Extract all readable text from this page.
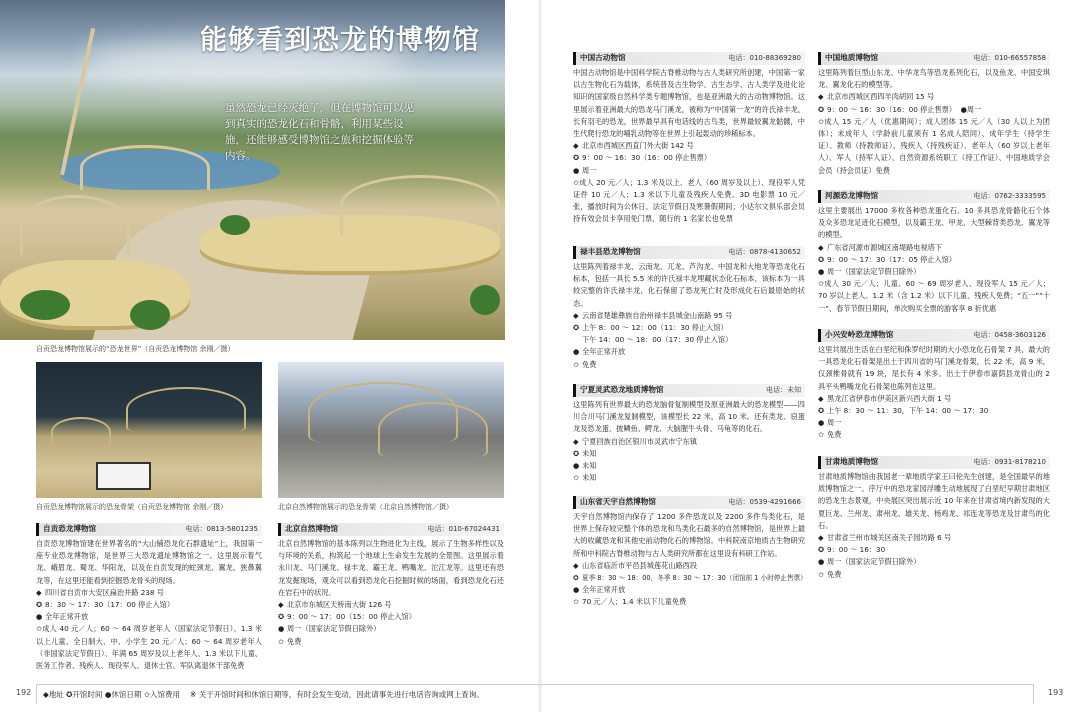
能够看到恐龙的博物馆
虽然恐龙已经灭绝了，但在博物馆可以见到真实的恐龙化石和骨骼，利用某些设施，还能够感受博物馆之旅和挖掘体验等内容。
自贡恐龙博物馆展示的“恐龙世界”（自贡恐龙博物馆 余刚／摄）
自贡恐龙博物馆展示的恐龙骨架（自贡恐龙博物馆 余刚／摄）	北京自然博物馆展示的恐龙骨架（北京自然博物馆／摄）
自贡恐龙博物馆	电话：0813-5801235
自贡恐龙博物馆建在世界著名的“大山铺恐龙化石群遗址”上，我国第一座专业恐龙博物馆，是世界三大恐龙遗址博物馆之一。这里展示着气龙、峨眉龙、蜀龙、华阳龙，以及在自贡发现的蛇颈龙、翼龙、狭鼻翼龙等，在这里还能看到挖掘恐龙骨头的现场。
◆ 四川省自贡市大安区扁治井路 238 号
✪ 8：30 ～ 17：30（17：00 停止入馆）
● 全年正常开放
✩成人 40 元／人；60 ～ 64 周岁老年人（国家法定节假日）、1.3 米以上儿童、全日制大、中、小学生 20 元／人；60 ～ 64 周岁老年人（非国家法定节假日）、年满 65 周岁及以上老年人、1.3 米以下儿童、医务工作者、残疾人、现役军人、退休士官、军队离退休干部免费
北京自然博物馆	电话：010-67024431
北京自然博物馆的基本陈列以生物进化为主线，展示了生物多样性以及与环境的关系，构筑起一个地球上生命发生发展的全景图。这里展示着永川龙、马门溪龙、禄丰龙、霸王龙、鸭嘴龙、沱江龙等。这里还有恐龙发掘现场，观众可以看到恐龙化石挖掘时候的场面，看到恐龙化石还在岩石中的状况。
◆ 北京市东城区天桥南大街 126 号
✪ 9：00 ～ 17：00（15：00 停止入馆）
● 周一（国家法定节假日除外）
✩ 免费
192 ◆地址 ✪开馆时间 ●休馆日期 ✩入馆费用 ※ 关于开馆时间和休馆日期等，有时会发生变动，因此请事先进行电话咨询或网上查询。
中国古动物馆	电话：010-88369280
中国古动物馆是中国科学院古脊椎动物与古人类研究所创建，中国第一家以古生物化石为载体，系统普及古生物学、古生态学、古人类学及进化论知识的国家级自然科学类专题博物馆，也是亚洲最大的古动物博物馆。这里展示着亚洲最大的恐龙马门溪龙，被称为“中国第一龙”的许氏禄丰龙，长有羽毛的恐龙，世界最早具有电话线的古鸟类，世界最较翼龙骷髅，中生代爬行恐龙的哺乳动物等在世界上引起轰动的珍稀标本。
◆ 北京市西城区西直门外大街 142 号
✪ 9：00 ～ 16：30（16：00 停止售票）
● 周一
✩成人 20 元／人；1.3 米及以上、老人（60 周岁及以上）、现役军人凭证件 10 元／人；1.3 米以下儿童及残疾人免费。3D 电影票 10 元／张，播放时间为公休日、法定节假日及寒暑假期间；小达尔文俱乐部会员持有效会员卡享用免门票，随行的 1 名家长也免票
禄丰县恐龙博物馆	电话：0878-4130652
这里陈列着禄丰龙、云南龙、兀龙、芦沟龙、中国龙和大地龙等恐龙化石标本，包括一具长 5.5 米的许氏禄丰龙埋藏状态化石标本，该标本为一具较完整的许氏禄丰龙，化石保留了恐龙死亡时及形成化石后最原始的状态。
◆ 云南省楚雄彝族自治州禄丰县城金山南路 95 号
✪ 上午 8：00 ～ 12：00（11：30 停止入馆）
下午 14：00 ～ 18：00（17：30 停止入馆）
● 全年正常开放
✩ 免费
宁夏灵武恐龙地质博物馆	电话：未知
这里陈列有世界最大的恐龙脑骨复制模型及原亚洲最大的恐龙模型——四川合川马门溪龙复制模型，该模型长 22 米，高 10 米。还有类龙、窃蛋龙及恐龙蛋、披鳞鱼、鳄龙、大脑腥牛头骨、马龟等的化石。
◆ 宁夏回族自治区银川市灵武市宁东镇
✪ 未知
● 未知
✩ 未知
山东省天宇自然博物馆	电话：0539-4291666
天宇自然博物馆内保存了 1200 多件恐龙以及 2200 多件鸟类化石，是世界上保存较完整个体的恐龙和鸟类化石最多的自然博物馆，是世界上最大的收藏恐龙和其他史前动物化石的博物馆。中科院南京地质古生物研究所和中科院古脊椎动物与古人类研究所都在这里设有科研工作站。
◆ 山东省临沂市平邑县城莲花山路西段
✪ 夏季 8：30 ～ 18：00，冬季 8：30 ～ 17：30（闭馆前 1 小时停止售票）
● 全年正常开放
✩ 70 元／人；1.4 米以下儿童免费
中国地质博物馆	电话：010-66557858
这里陈列着巨型山东龙、中华龙鸟等恐龙系列化石，以及鱼龙、中国安琪龙、翼龙化石的模型等。
◆ 北京市西城区西四羊肉胡同 15 号
✪ 9：00 ～ 16：30（16：00 停止售票） ●周一
✩成人 15 元／人（优惠期间）；成人团体 15 元／人（30 人以上为团体）；未成年人（学龄前儿童须有 1 名成人陪同）、成年学生（持学生证）、教师（持教师证）、残疾人（持残疾证）、老年人（60 岁以上老年人）、军人（持军人证）、自然资源系统职工（持工作证）、中国地质学会会员（持会员证）免费
河源恐龙博物馆	电话：0762-3333595
这里主要展出 17000 多枚各种恐龙蛋化石、10 多具恐龙骨骼化石个体及众多恐龙足迹化石模型，以及霸王龙、甲龙、大型棘背类恐龙、翼龙等的模型。
◆ 广东省河源市源城区南堤路电视塔下
✪ 9：00 ～ 17：30（17：05 停止入馆）
● 周一（国家法定节假日除外）
✩成人 30 元／人；儿童、60 ～ 69 周岁老人、现役军人 15 元／人；70 岁以上老人、1.2 米（含 1.2 米）以下儿童、残疾人免费；“五一”“十一”、春节节假日期间，单次购买全票的游客享 8 折优惠
小兴安岭恐龙博物馆	电话：0458-3603126
这里共展出生活在白垩纪和侏罗纪时期的大小恐龙化石骨架 7 具，最大的一具恐龙化石骨架是出土于四川省的马门溪龙骨架，长 22 米，高 9 米，仅颈椎骨就有 19 块，尾长有 4 米多。出土于伊春市嘉荫县龙骨山的 2 具平头鸭嘴龙化石骨架也陈列在这里。
◆ 黑龙江省伊春市伊美区新兴西大街 1 号
✪ 上午 8：30 ～ 11：30，下午 14：00 ～ 17：30
● 周一
✩ 免费
甘肃地质博物馆	电话：0931-8178210
甘肃地质博物馆由我国老一辈地质学家王曰伦先生创建，是全国最早的地质博物馆之一。序厅中的恐龙家园浮雕生动地展现了白垩纪早期甘肃地区的恐龙生态景观，中央展区突出展示近 10 年来在甘肃省境内新发现的大夏巨龙、兰州龙、肃州龙、雄关龙、杨鸡龙、祁连龙等恐龙及甘肃鸟的化石。
◆ 甘肃省兰州市城关区南关子园坊路 6 号
✪ 9：00 ～ 16：30
● 周一（国家法定节假日除外）
✩ 免费
193
